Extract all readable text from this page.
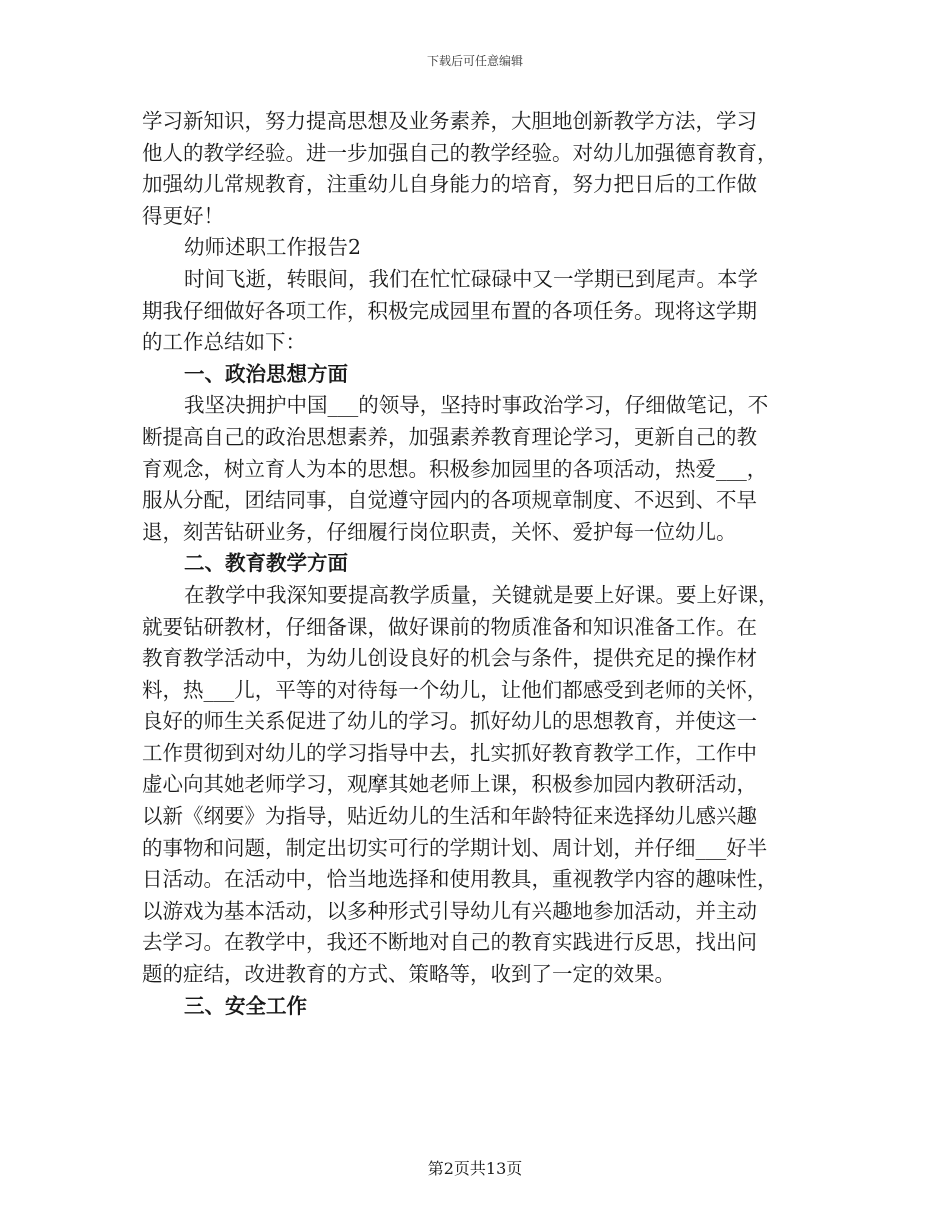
下载后可任意编辑

学习新知识，努力提高思想及业务素养，大胆地创新教学方法，学习
他人的教学经验。进一步加强自己的教学经验。对幼儿加强德育教育，
加强幼儿常规教育，注重幼儿自身能力的培育，努力把日后的工作做
得更好！

幼师述职工作报告2

时间飞逝，转眼间，我们在忙忙碌碌中又一学期已到尾声。本学
期我仔细做好各项工作，积极完成园里布置的各项任务。现将这学期
的工作总结如下：

一、政治思想方面

我坚决拥护中国___的领导，坚持时事政治学习，仔细做笔记，不
断提高自己的政治思想素养，加强素养教育理论学习，更新自己的教
育观念，树立育人为本的思想。积极参加园里的各项活动，热爱___，
服从分配，团结同事，自觉遵守园内的各项规章制度、不迟到、不早
退，刻苦钻研业务，仔细履行岗位职责，关怀、爱护每一位幼儿。

二、教育教学方面

在教学中我深知要提高教学质量，关键就是要上好课。要上好课，
就要钻研教材，仔细备课，做好课前的物质准备和知识准备工作。在
教育教学活动中，为幼儿创设良好的机会与条件，提供充足的操作材
料，热___儿，平等的对待每一个幼儿，让他们都感受到老师的关怀，
良好的师生关系促进了幼儿的学习。抓好幼儿的思想教育，并使这一
工作贯彻到对幼儿的学习指导中去，扎实抓好教育教学工作，工作中
虚心向其她老师学习，观摩其她老师上课，积极参加园内教研活动，
以新《纲要》为指导，贴近幼儿的生活和年龄特征来选择幼儿感兴趣
的事物和问题，制定出切实可行的学期计划、周计划，并仔细___好半
日活动。在活动中，恰当地选择和使用教具，重视教学内容的趣味性，
以游戏为基本活动，以多种形式引导幼儿有兴趣地参加活动，并主动
去学习。在教学中，我还不断地对自己的教育实践进行反思，找出问
题的症结，改进教育的方式、策略等，收到了一定的效果。

三、安全工作

第2页共13页
